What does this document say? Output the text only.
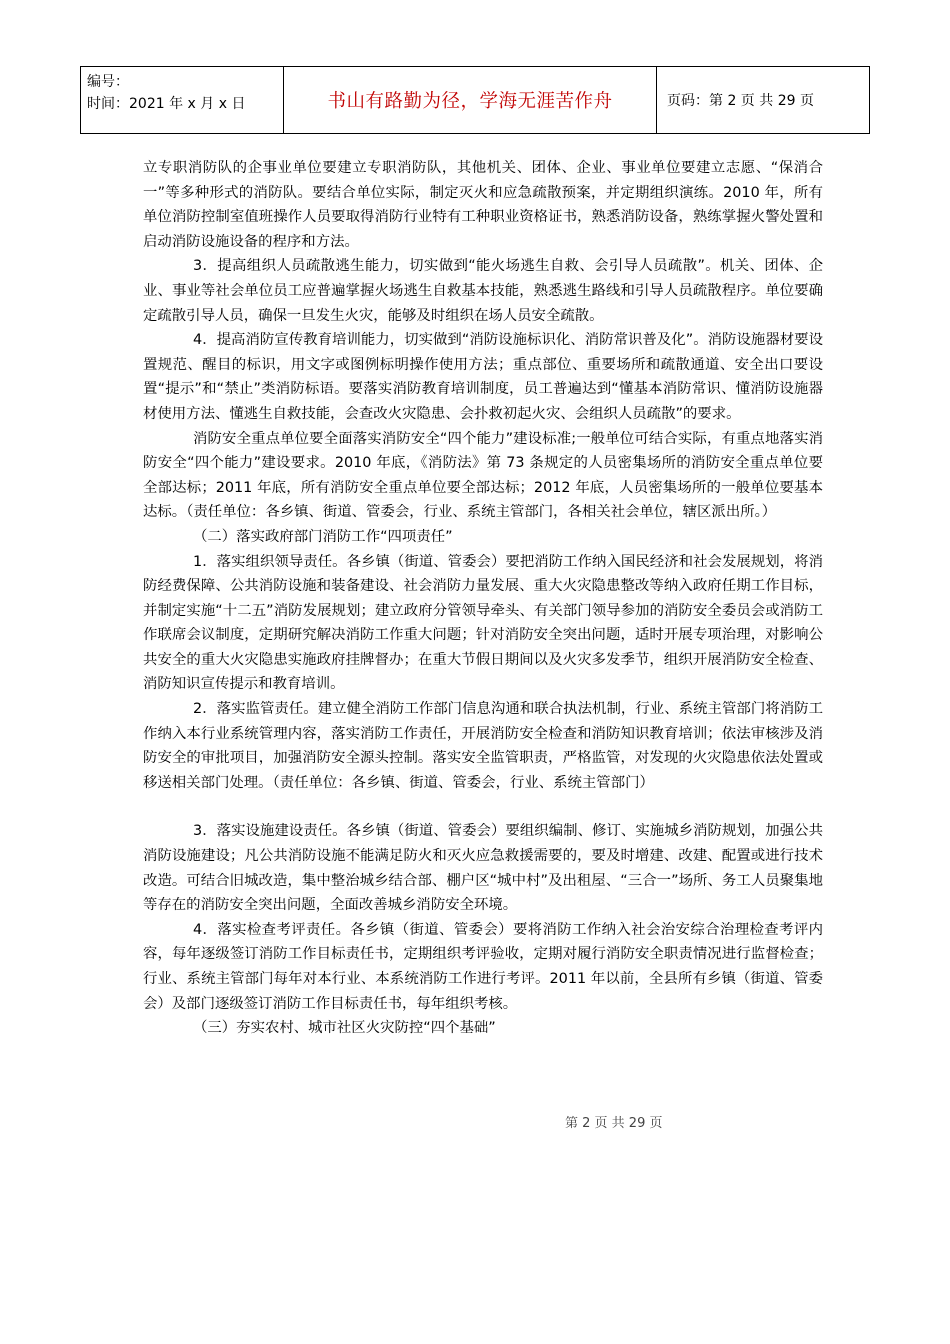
编号：
时间：2021 年 x 月 x 日	书山有路勤为径，学海无涯苦作舟	页码：第 2 页 共 29 页

立专职消防队的企事业单位要建立专职消防队，其他机关、团体、企业、事业单位要建立志愿、“保消合一”等多种形式的消防队。要结合单位实际，制定灭火和应急疏散预案，并定期组织演练。2010 年，所有单位消防控制室值班操作人员要取得消防行业特有工种职业资格证书，熟悉消防设备，熟练掌握火警处置和启动消防设施设备的程序和方法。

3．提高组织人员疏散逃生能力，切实做到“能火场逃生自救、会引导人员疏散”。机关、团体、企业、事业等社会单位员工应普遍掌握火场逃生自救基本技能，熟悉逃生路线和引导人员疏散程序。单位要确定疏散引导人员，确保一旦发生火灾，能够及时组织在场人员安全疏散。

4．提高消防宣传教育培训能力，切实做到“消防设施标识化、消防常识普及化”。消防设施器材要设置规范、醒目的标识，用文字或图例标明操作使用方法；重点部位、重要场所和疏散通道、安全出口要设置“提示”和“禁止”类消防标语。要落实消防教育培训制度，员工普遍达到“懂基本消防常识、懂消防设施器材使用方法、懂逃生自救技能，会查改火灾隐患、会扑救初起火灾、会组织人员疏散”的要求。

消防安全重点单位要全面落实消防安全“四个能力”建设标准;一般单位可结合实际，有重点地落实消防安全“四个能力”建设要求。2010 年底，《消防法》第 73 条规定的人员密集场所的消防安全重点单位要全部达标；2011 年底，所有消防安全重点单位要全部达标；2012 年底，人员密集场所的一般单位要基本达标。（责任单位：各乡镇、街道、管委会，行业、系统主管部门，各相关社会单位，辖区派出所。）

（二）落实政府部门消防工作“四项责任”

1．落实组织领导责任。各乡镇（街道、管委会）要把消防工作纳入国民经济和社会发展规划，将消防经费保障、公共消防设施和装备建设、社会消防力量发展、重大火灾隐患整改等纳入政府任期工作目标，并制定实施“十二五”消防发展规划；建立政府分管领导牵头、有关部门领导参加的消防安全委员会或消防工作联席会议制度，定期研究解决消防工作重大问题；针对消防安全突出问题，适时开展专项治理，对影响公共安全的重大火灾隐患实施政府挂牌督办；在重大节假日期间以及火灾多发季节，组织开展消防安全检查、消防知识宣传提示和教育培训。

2．落实监管责任。建立健全消防工作部门信息沟通和联合执法机制，行业、系统主管部门将消防工作纳入本行业系统管理内容，落实消防工作责任，开展消防安全检查和消防知识教育培训；依法审核涉及消防安全的审批项目，加强消防安全源头控制。落实安全监管职责，严格监管，对发现的火灾隐患依法处置或移送相关部门处理。（责任单位：各乡镇、街道、管委会，行业、系统主管部门）

3．落实设施建设责任。各乡镇（街道、管委会）要组织编制、修订、实施城乡消防规划，加强公共消防设施建设；凡公共消防设施不能满足防火和灭火应急救援需要的，要及时增建、改建、配置或进行技术改造。可结合旧城改造，集中整治城乡结合部、棚户区“城中村”及出租屋、“三合一”场所、务工人员聚集地等存在的消防安全突出问题，全面改善城乡消防安全环境。

4．落实检查考评责任。各乡镇（街道、管委会）要将消防工作纳入社会治安综合治理检查考评内容，每年逐级签订消防工作目标责任书，定期组织考评验收，定期对履行消防安全职责情况进行监督检查；行业、系统主管部门每年对本行业、本系统消防工作进行考评。2011 年以前，全县所有乡镇（街道、管委会）及部门逐级签订消防工作目标责任书，每年组织考核。

（三）夯实农村、城市社区火灾防控“四个基础”

第 2 页 共 29 页
